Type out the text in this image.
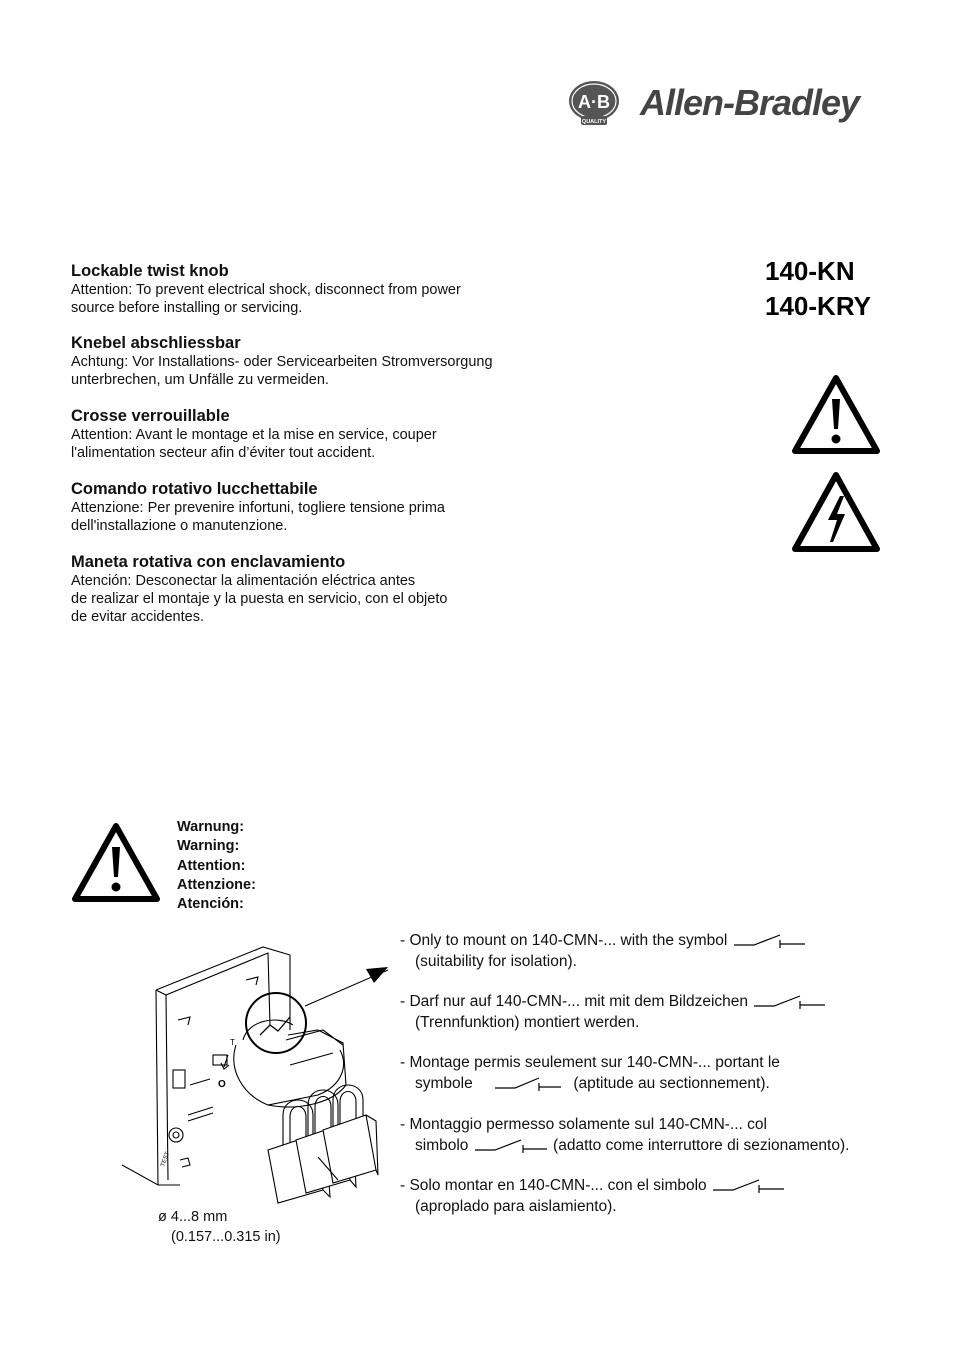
A·B
QUALITY Allen-Bradley
140-KN
140-KRY

Lockable twist knob

Attention: To prevent electrical shock, disconnect from power

source before installing or servicing.

Knebel abschliessbar

Achtung: Vor Installations- oder Servicearbeiten Stromversorgung

unterbrechen, um Unfälle zu vermeiden.

Crosse verrouillable

Attention: Avant le montage et la mise en service, couper

l'alimentation secteur afin d’éviter tout accident.

Comando rotativo lucchettabile

Attenzione: Per prevenire infortuni, togliere tensione prima

dell'installazione o manutenzione.

Maneta rotativa con enclavamiento

Atención: Desconectar la alimentación eléctrica antes

de realizar el montaje y la puesta en servicio, con el objeto

de evitar accidentes.

Warnung:
Warning:
Attention:
Attenzione:
Atención:
TEST
T
O
- Only to mount on 140-CMN-... with the symbol
(suitability for isolation).
- Darf nur auf 140-CMN-... mit mit dem Bildzeichen
(Trennfunktion) montiert werden.
- Montage permis seulement sur 140-CMN-... portant le
symbole	(aptitude au sectionnement).
- Montaggio permesso solamente sul 140-CMN-... col
simbolo	(adatto come interruttore di sezionamento).
- Solo montar en 140-CMN-... con el simbolo
(aproplado para aislamiento).
ø 4...8 mm
(0.157...0.315 in)
